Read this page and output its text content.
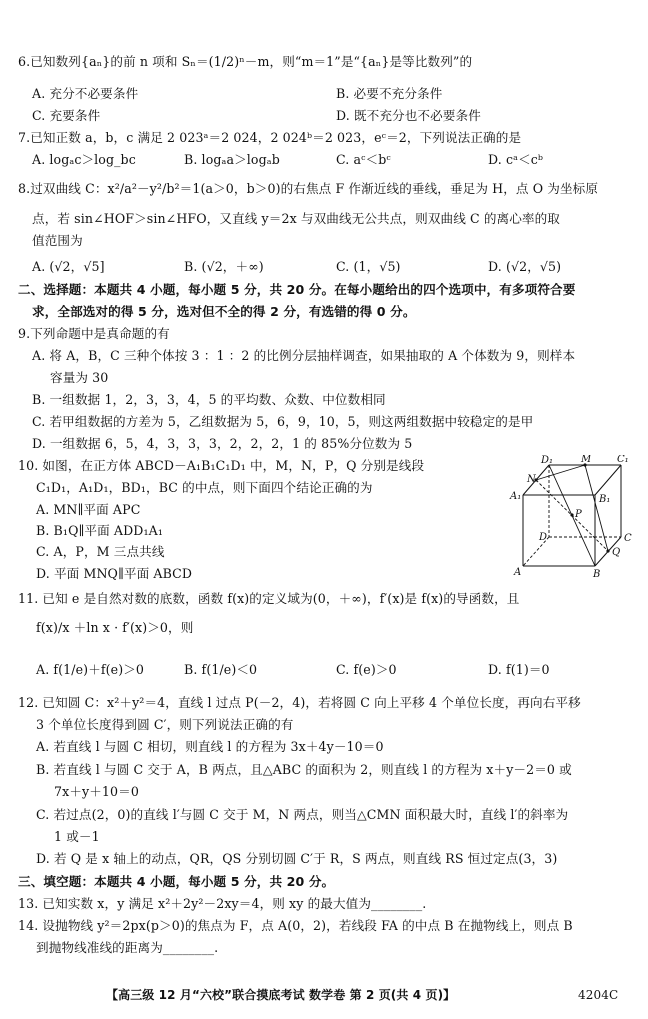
6.已知数列{aₙ}的前 n 项和 Sₙ＝(1/2)ⁿ－m，则“m＝1”是“{aₙ}是等比数列”的
A. 充分不必要条件	B. 必要不充分条件
C. 充要条件	D. 既不充分也不必要条件
7.已知正数 a，b，c 满足 2 023ᵃ＝2 024，2 024ᵇ＝2 023，eᶜ＝2，下列说法正确的是
A. logₐc＞log_bc	B. logₐa＞logₐb	C. aᶜ＜bᶜ	D. cᵃ＜cᵇ
8.过双曲线 C：x²/a²－y²/b²＝1(a＞0，b＞0)的右焦点 F 作渐近线的垂线，垂足为 H，点 O 为坐标原
点，若 sin∠HOF＞sin∠HFO，又直线 y＝2x 与双曲线无公共点，则双曲线 C 的离心率的取
值范围为
A. (√2，√5]	B. (√2，＋∞)	C. (1，√5)	D. (√2，√5)
二、选择题：本题共 4 小题，每小题 5 分，共 20 分。在每小题给出的四个选项中，有多项符合要
求，全部选对的得 5 分，选对但不全的得 2 分，有选错的得 0 分。
9.下列命题中是真命题的有
A. 将 A，B，C 三种个体按 3 ：1 ：2 的比例分层抽样调查，如果抽取的 A 个体数为 9，则样本
容量为 30
B. 一组数据 1，2，3，3，4，5 的平均数、众数、中位数相同
C. 若甲组数据的方差为 5，乙组数据为 5，6，9，10，5，则这两组数据中较稳定的是甲
D. 一组数据 6，5，4，3，3，3，2，2，2，1 的 85%分位数为 5
10. 如图，在正方体 ABCD－A₁B₁C₁D₁ 中，M，N，P，Q 分别是线段
C₁D₁，A₁D₁，BD₁，BC 的中点，则下面四个结论正确的为
A. MN∥平面 APC
B. B₁Q∥平面 ADD₁A₁
C. A，P，M 三点共线
D. 平面 MNQ∥平面 ABCD
D₁	M	C₁
N
A₁	B₁
P
D	C
Q
A	B
11. 已知 e 是自然对数的底数，函数 f(x)的定义域为(0，＋∞)，f′(x)是 f(x)的导函数，且
f(x)/x ＋ln x · f′(x)＞0，则
A. f(1/e)＋f(e)＞0	B. f(1/e)＜0	C. f(e)＞0	D. f(1)＝0
12. 已知圆 C：x²＋y²＝4，直线 l 过点 P(－2，4)，若将圆 C 向上平移 4 个单位长度，再向右平移
3 个单位长度得到圆 C′，则下列说法正确的有
A. 若直线 l 与圆 C 相切，则直线 l 的方程为 3x＋4y－10＝0
B. 若直线 l 与圆 C 交于 A，B 两点，且△ABC 的面积为 2，则直线 l 的方程为 x＋y－2＝0 或
7x＋y＋10＝0
C. 若过点(2，0)的直线 l′与圆 C 交于 M，N 两点，则当△CMN 面积最大时，直线 l′的斜率为
1 或－1
D. 若 Q 是 x 轴上的动点，QR，QS 分别切圆 C′于 R，S 两点，则直线 RS 恒过定点(3，3)
三、填空题：本题共 4 小题，每小题 5 分，共 20 分。
13. 已知实数 x，y 满足 x²＋2y²－2xy＝4，则 xy 的最大值为________.
14. 设抛物线 y²＝2px(p＞0)的焦点为 F，点 A(0，2)，若线段 FA 的中点 B 在抛物线上，则点 B
到抛物线准线的距离为________.
【高三级 12 月“六校”联合摸底考试 数学卷 第 2 页(共 4 页)】	4204C
